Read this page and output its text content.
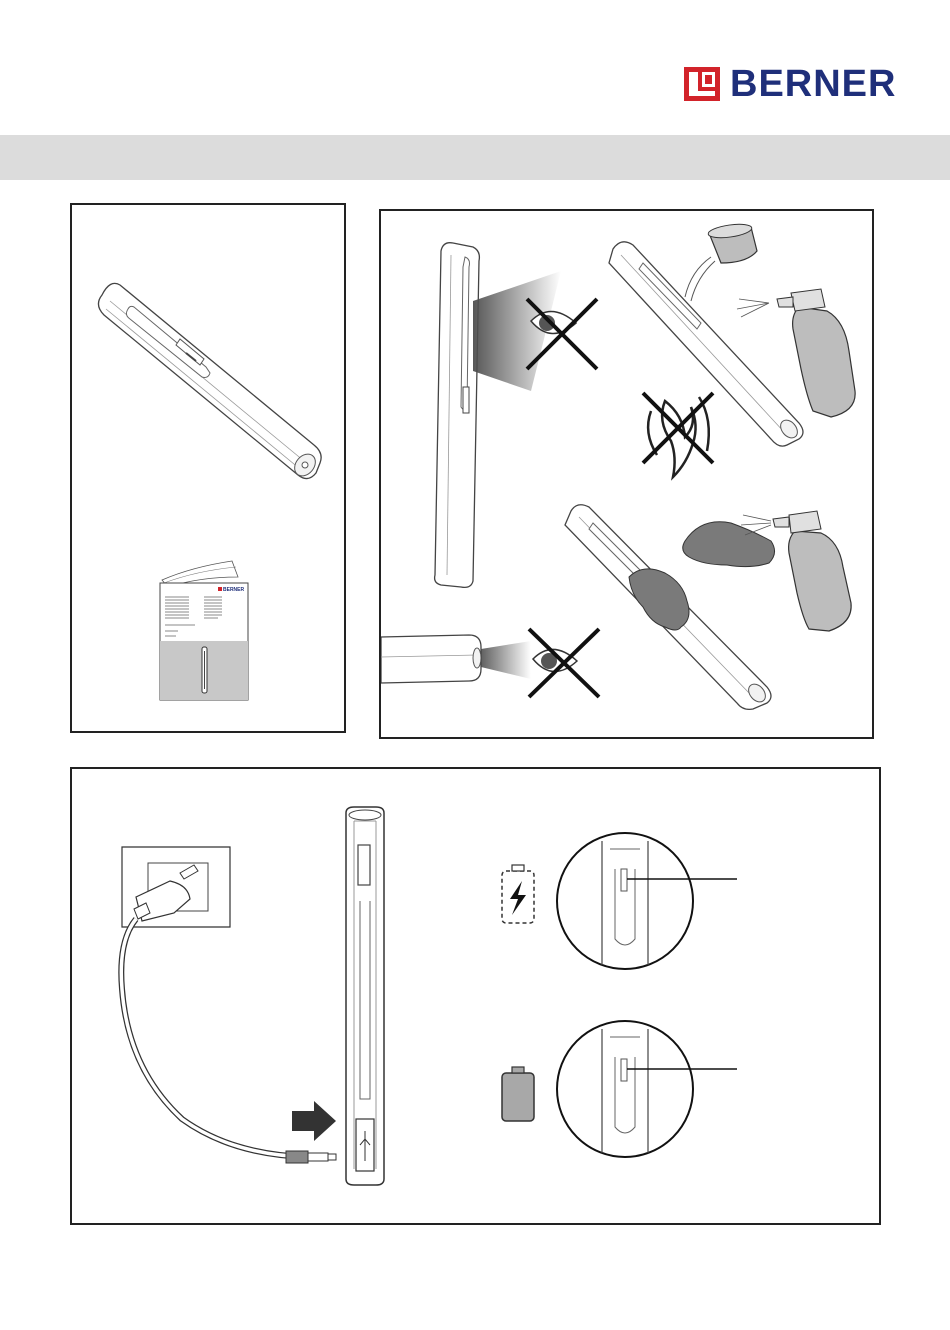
BERNER
BERNER
